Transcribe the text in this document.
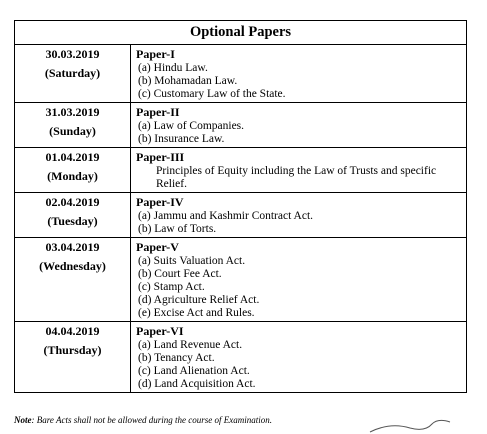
Optional Papers
30.03.2019
(Saturday)
Paper-I
(a) Hindu Law.
(b) Mohamadan Law.
(c) Customary Law of the State.
31.03.2019
(Sunday)
Paper-II
(a) Law of Companies.
(b) Insurance Law.
01.04.2019
(Monday)
Paper-III
Principles of Equity including the Law of Trusts and specific Relief.
02.04.2019
(Tuesday)
Paper-IV
(a) Jammu and Kashmir Contract Act.
(b) Law of Torts.
03.04.2019
(Wednesday)
Paper-V
(a) Suits Valuation Act.
(b) Court Fee Act.
(c) Stamp Act.
(d) Agriculture Relief Act.
(e) Excise Act and Rules.
04.04.2019
(Thursday)
Paper-VI
(a) Land Revenue Act.
(b) Tenancy Act.
(c) Land Alienation Act.
(d) Land Acquisition Act.
Note: Bare Acts shall not be allowed during the course of Examination.
